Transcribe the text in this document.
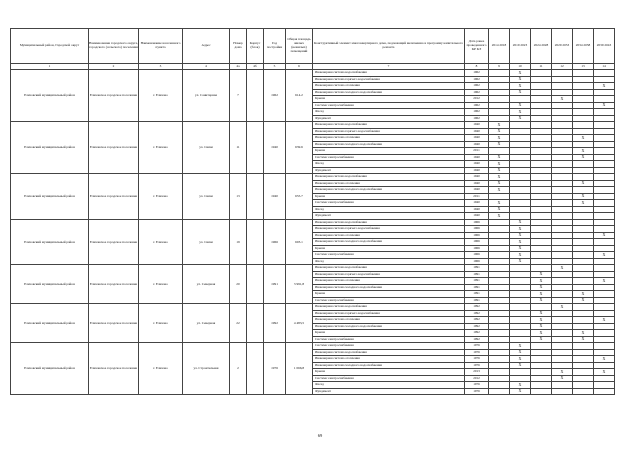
Муниципальный район, Городской округ	Наименование городского округа, городского (сельского) поселения	Наименование населенного пункта	Адрес	Номер дома	Корпус (блок)	Год постройки	Общая площадь жилых (нежилых) помещений	Конструктивный элемент многоквартирного дома, подлежащий включению в программу капитального ремонта	Дата ранее проведенного КР КЭ	2014 2018	2019 2023	2024 2028	2029 2033	2034 2038	2039 2043
1	2	3	4	4a	4б	5	6	7	8	9	10	11	12	13	14
Елизовский муниципальный район	Елизовское городское поселение	г. Елизово	ул. Санитарная	7		1962	614.2	Инженерная система водоснабжения	1962		X				
								Инженерная система горячего водоснабжения	1962		X				
								Инженерная система отопления	1962		X				X
								Инженерная система холодного водоснабжения	1962		X				
								Крыша	2012				X		
								Система электроснабжения	1962		X				X
								Фасад	1962		X				
								Фундамент	1962		X				
Елизовский муниципальный район	Елизовское городское поселение	г. Елизово	ул. Связи	11		1940	639.6	Инженерная система водоснабжения	1940	X					
								Инженерная система горячего водоснабжения	1940	X					
								Инженерная система отопления	1940	X				X	
								Инженерная система холодного водоснабжения	1940	X					
								Крыша	2011					X	
								Система электроснабжения	1940	X				X	
								Фасад	1940	X					
								Фундамент	1940	X					
Елизовский муниципальный район	Елизовское городское поселение	г. Елизово	ул. Связи	13		1940	655.7	Инженерная система водоснабжения	1940	X					
								Инженерная система отопления	1940	X				X	
								Инженерная система холодного водоснабжения	1940	X					
								Крыша	2011					X	
								Система электроснабжения	1940	X				X	
								Фасад	1940	X					
								Фундамент	1940	X					
Елизовский муниципальный район	Елизовское городское поселение	г. Елизово	ул. Связи	19		1966	603.1	Инженерная система водоснабжения	1966		X				
								Инженерная система горячего водоснабжения	1966		X				
								Инженерная система отопления	1966		X				X
								Инженерная система холодного водоснабжения	1966		X				
								Крыша	1966		X				
								Система электроснабжения	1966		X				X
								Фасад	1966		X				
Елизовский муниципальный район	Елизовское городское поселение	г. Елизово	ул. Северная	20		1991	3 991,8	Инженерная система водоснабжения	1991				X		
								Инженерная система горячего водоснабжения	1991			X			
								Инженерная система отопления	1991			X			X
								Инженерная система холодного водоснабжения	1991			X			
								Крыша	1991			X		X	
								Система электроснабжения	1991			X		X	
Елизовский муниципальный район	Елизовское городское поселение	г. Елизово	ул. Северная	22		1992	4 483,5	Инженерная система водоснабжения	1992				X		
								Инженерная система горячего водоснабжения	1992			X			
								Инженерная система отопления	1992			X			X
								Инженерная система холодного водоснабжения	1992			X			
								Крыша	1992			X		X	
								Система электроснабжения	1992			X		X	
Елизовский муниципальный район	Елизовское городское поселение	г. Елизово	ул. Строительная	2		1976	1 066,8	Система электроснабжения	1976		X				
								Инженерная система водоснабжения	1976		X				
								Инженерная система отопления	1976		X				X
								Инженерная система холодного водоснабжения	1976		X				
								Крыша	2013				X		X
								Система электроснабжения	2012				X		
								Фасад	1976		X				
								Фундамент	1976		X				
69
